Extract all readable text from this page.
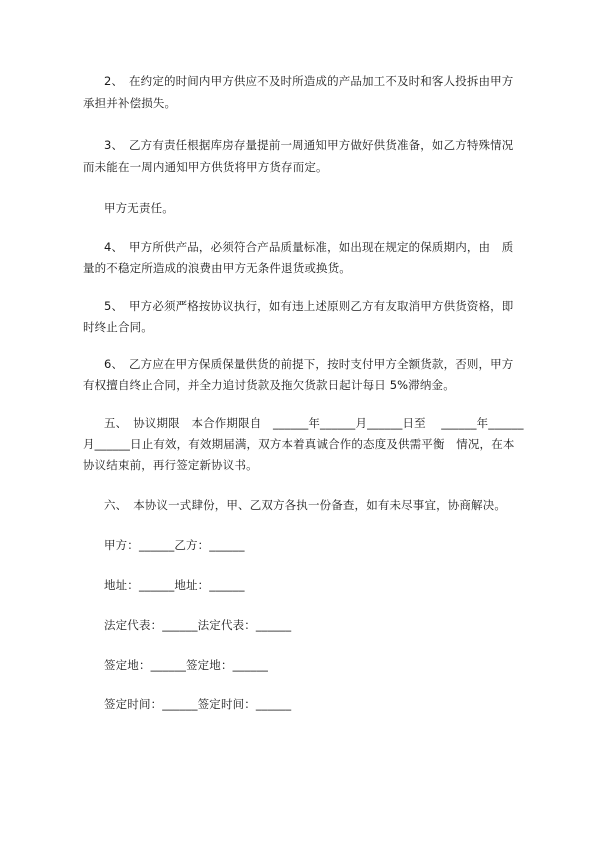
2、　在约定的时间内甲方供应不及时所造成的产品加工不及时和客人投拆由甲方

承担并补偿损失。

3、　乙方有责任根据库房存量提前一周通知甲方做好供货准备，如乙方特殊情况

而未能在一周内通知甲方供货将甲方货存而定。

甲方无责任。

4、　甲方所供产品，必须符合产品质量标准，如出现在规定的保质期内，由　质

量的不稳定所造成的浪费由甲方无条件退货或换货。

5、　甲方必须严格按协议执行，如有违上述原则乙方有友取消甲方供货资格，即

时终止合同。

6、　乙方应在甲方保质保量供货的前提下，按时支付甲方全额货款，否则，甲方

有权擅自终止合同，并全力追讨货款及拖欠货款日起计每日 5%滞纳金。

五、　协议期限　本合作期限自　______年______月______日至　 ______年______

月______日止有效，有效期届满，双方本着真诚合作的态度及供需平衡　情况，在本

协议结束前，再行签定新协议书。

六、　本协议一式肆份，甲、乙双方各执一份备查，如有未尽事宜，协商解决。

甲方：______乙方：______

地址：______地址：______

法定代表：______法定代表：______

签定地：______签定地：______

签定时间：______签定时间：______
